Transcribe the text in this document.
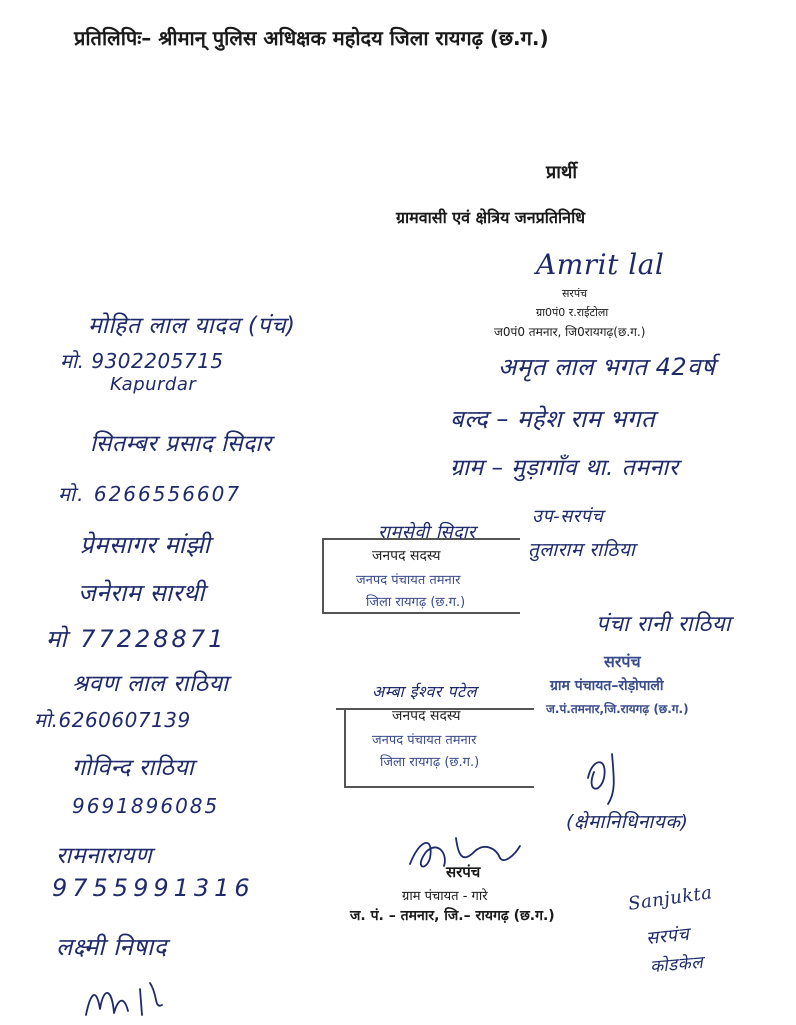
प्रतिलिपिः– श्रीमान् पुलिस अधिक्षक महोदय जिला रायगढ़ (छ.ग.)
प्रार्थी
ग्रामवासी एवं क्षेत्रिय जनप्रतिनिधि
Amrit lal
सरपंच
ग्रा0पं0 र.राईटोला
ज0पं0 तमनार, जि0रायगढ़(छ.ग.)
अमृत लाल भगत 42वर्ष
बल्द – महेश राम भगत
ग्राम – मुड़ागाँव था. तमनार
उप-सरपंच
तुलाराम राठिया
मोहित लाल यादव (पंच)
मो. 9302205715
Kapurdar
सितम्बर प्रसाद सिदार
मो. 6266556607
प्रेमसागर मांझी
जनेराम सारथी
मो 77228871
श्रवण लाल राठिया
मो.6260607139
गोविन्द राठिया
9691896085
रामनारायण
9755991316
लक्ष्मी निषाद
रामसेवी सिदार
जनपद सदस्य
जनपद पंचायत तमनार
जिला रायगढ़ (छ.ग.)
अम्बा ईश्वर पटेल
जनपद सदस्य
जनपद पंचायत तमनार
जिला रायगढ़ (छ.ग.)
पंचा रानी राठिया
सरपंच
ग्राम पंचायत–रोड़ोपाली
ज.पं.तमनार,जि.रायगढ़ (छ.ग.)
(क्षेमानिधिनायक)
सरपंच
ग्राम पंचायत - गारे
ज. पं. – तमनार, जि.– रायगढ़ (छ.ग.)
Sanjukta
सरपंच
कोडकेल
